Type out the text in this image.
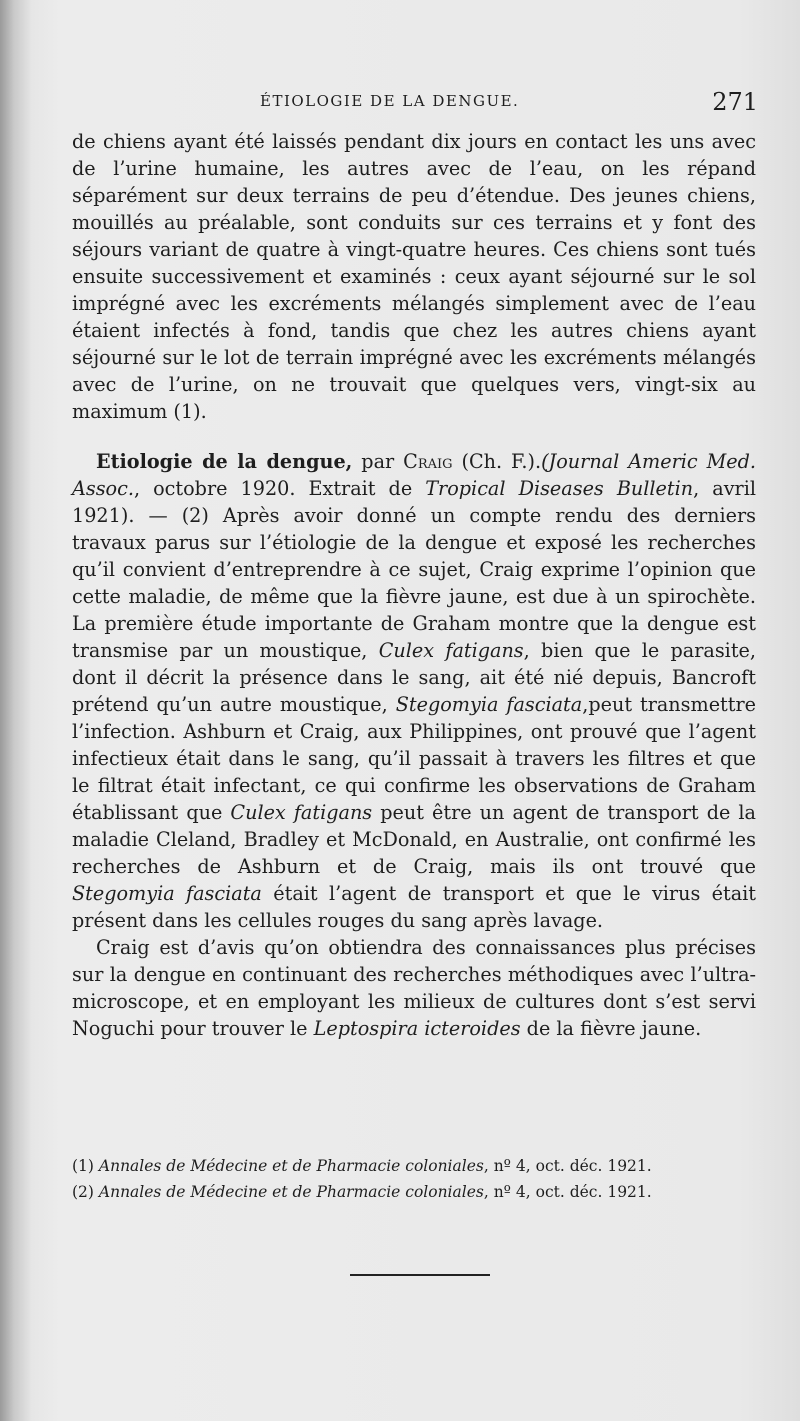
ÉTIOLOGIE DE LA DENGUE.	271

de chiens ayant été laissés pendant dix jours en contact les uns avec de l’urine humaine, les autres avec de l’eau, on les répand séparément sur deux terrains de peu d’étendue. Des jeunes chiens, mouillés au préalable, sont conduits sur ces terrains et y font des séjours variant de quatre à vingt-quatre heures. Ces chiens sont tués ensuite successivement et examinés : ceux ayant séjourné sur le sol imprégné avec les excréments mélangés simplement avec de l’eau étaient infectés à fond, tandis que chez les autres chiens ayant séjourné sur le lot de terrain imprégné avec les excréments mélangés avec de l’urine, on ne trouvait que quelques vers, vingt-six au maximum (1).

Etiologie de la dengue, par Craig (Ch. F.).(Journal Americ Med. Assoc., octobre 1920. Extrait de Tropical Diseases Bulletin, avril 1921). — (2) Après avoir donné un compte rendu des derniers travaux parus sur l’étiologie de la dengue et exposé les recherches qu’il convient d’entreprendre à ce sujet, Craig exprime l’opinion que cette maladie, de même que la fièvre jaune, est due à un spirochète. La première étude importante de Graham montre que la dengue est transmise par un moustique, Culex fatigans, bien que le parasite, dont il décrit la présence dans le sang, ait été nié depuis, Bancroft prétend qu’un autre moustique, Stegomyia fasciata,peut transmettre l’infection. Ashburn et Craig, aux Philippines, ont prouvé que l’agent infectieux était dans le sang, qu’il passait à travers les filtres et que le filtrat était infectant, ce qui confirme les observations de Graham établissant que Culex fatigans peut être un agent de transport de la maladie Cleland, Bradley et McDonald, en Australie, ont confirmé les recherches de Ashburn et de Craig, mais ils ont trouvé que Stegomyia fasciata était l’agent de transport et que le virus était présent dans les cellules rouges du sang après lavage.

Craig est d’avis qu’on obtiendra des connaissances plus précises sur la dengue en continuant des recherches méthodiques avec l’ultra-microscope, et en employant les milieux de cultures dont s’est servi Noguchi pour trouver le Leptospira icteroides de la fièvre jaune.

(1) Annales de Médecine et de Pharmacie coloniales, nº 4, oct. déc. 1921.

(2) Annales de Médecine et de Pharmacie coloniales, nº 4, oct. déc. 1921.
